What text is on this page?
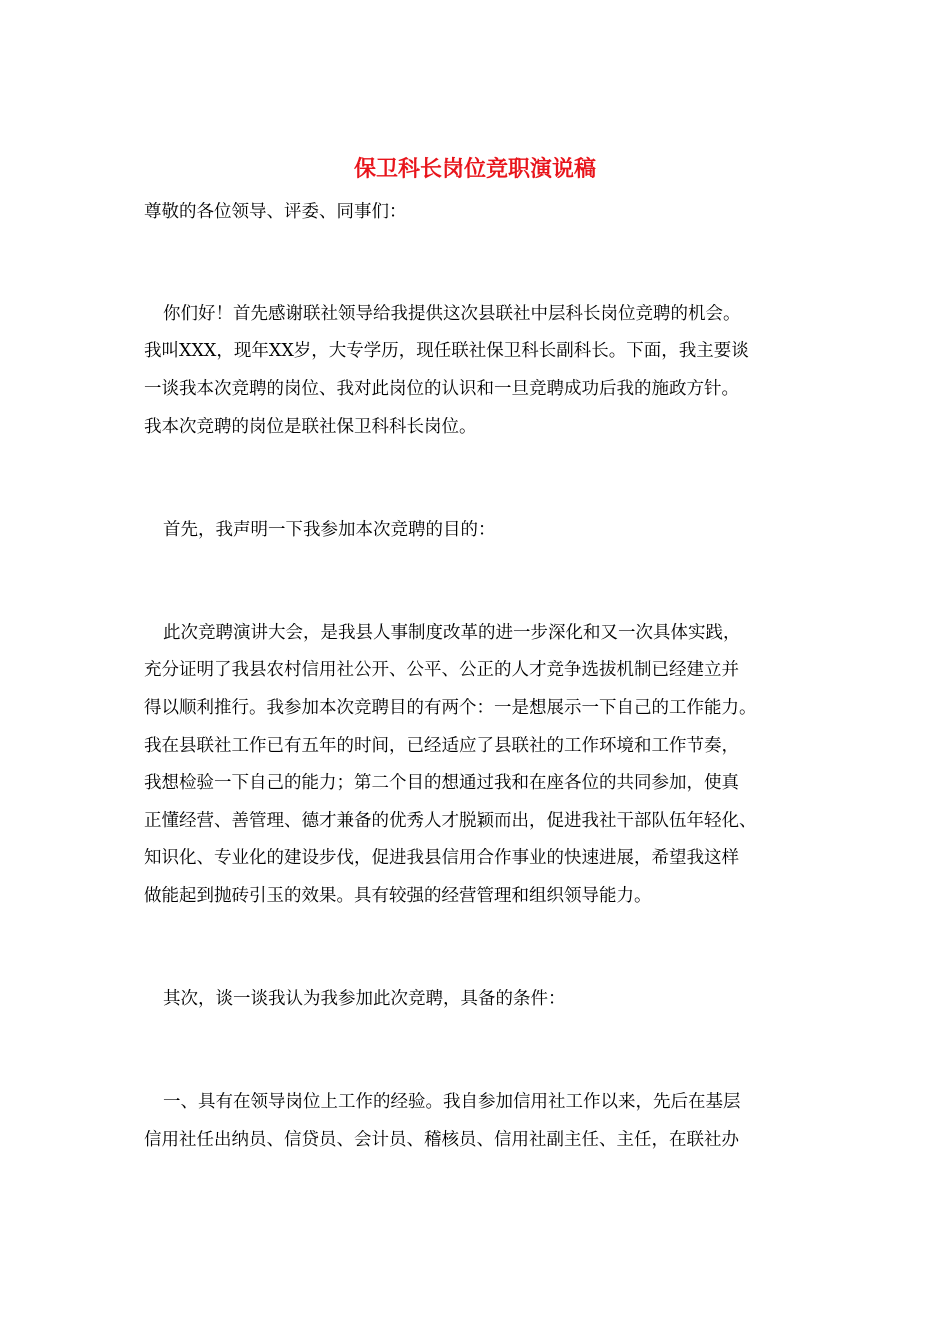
保卫科长岗位竞职演说稿
尊敬的各位领导、评委、同事们：
你们好！首先感谢联社领导给我提供这次县联社中层科长岗位竞聘的机会。
我叫XXX，现年XX岁，大专学历，现任联社保卫科长副科长。下面，我主要谈
一谈我本次竞聘的岗位、我对此岗位的认识和一旦竞聘成功后我的施政方针。
我本次竞聘的岗位是联社保卫科科长岗位。
首先，我声明一下我参加本次竞聘的目的：
此次竞聘演讲大会，是我县人事制度改革的进一步深化和又一次具体实践，
充分证明了我县农村信用社公开、公平、公正的人才竞争选拔机制已经建立并
得以顺利推行。我参加本次竞聘目的有两个：一是想展示一下自己的工作能力。
我在县联社工作已有五年的时间，已经适应了县联社的工作环境和工作节奏，
我想检验一下自己的能力；第二个目的想通过我和在座各位的共同参加，使真
正懂经营、善管理、德才兼备的优秀人才脱颖而出，促进我社干部队伍年轻化、
知识化、专业化的建设步伐，促进我县信用合作事业的快速进展，希望我这样
做能起到抛砖引玉的效果。具有较强的经营管理和组织领导能力。
其次，谈一谈我认为我参加此次竞聘，具备的条件：
一、具有在领导岗位上工作的经验。我自参加信用社工作以来，先后在基层
信用社任出纳员、信贷员、会计员、稽核员、信用社副主任、主任，在联社办
